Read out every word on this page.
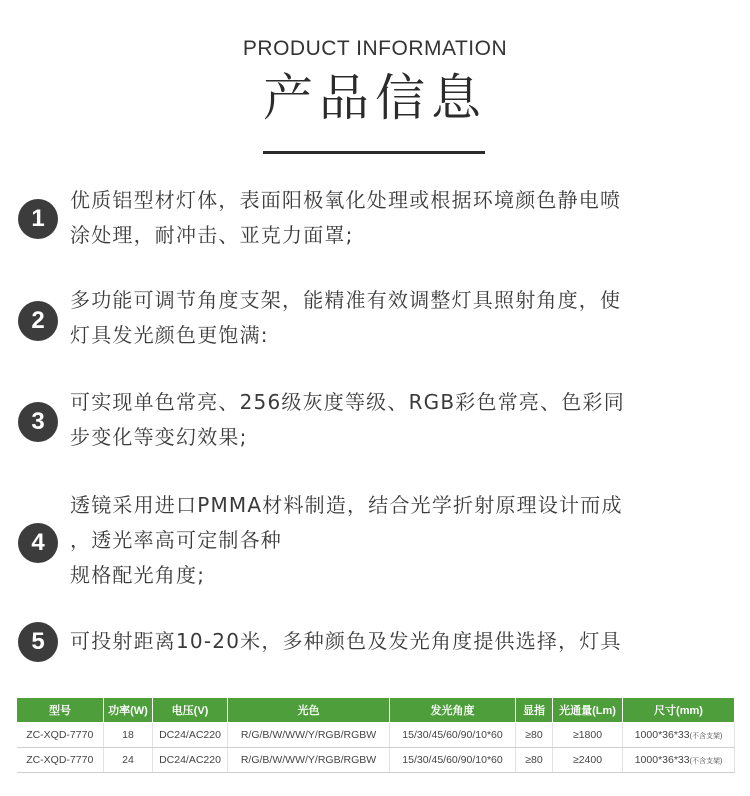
PRODUCT INFORMATION
产品信息
1
优质铝型材灯体，表面阳极氧化处理或根据环境颜色静电喷
涂处理，耐冲击、亚克力面罩;
2
多功能可调节角度支架，能精准有效调整灯具照射角度，使
灯具发光颜色更饱满:
3
可实现单色常亮、256级灰度等级、RGB彩色常亮、色彩同
步变化等变幻效果;
4
透镜采用进口PMMA材料制造，结合光学折射原理设计而成
，透光率高可定制各种
规格配光角度;
5	可投射距离10-20米，多种颜色及发光角度提供选择，灯具
型号	功率(W)	电压(V)	光色	发光角度	显指	光通量(Lm)	尺寸(mm)
ZC-XQD-7770	18	DC24/AC220	R/G/B/W/WW/Y/RGB/RGBW	15/30/45/60/90/10*60	≥80	≥1800	1000*36*33(不含支架)
ZC-XQD-7770	24	DC24/AC220	R/G/B/W/WW/Y/RGB/RGBW	15/30/45/60/90/10*60	≥80	≥2400	1000*36*33(不含支架)
